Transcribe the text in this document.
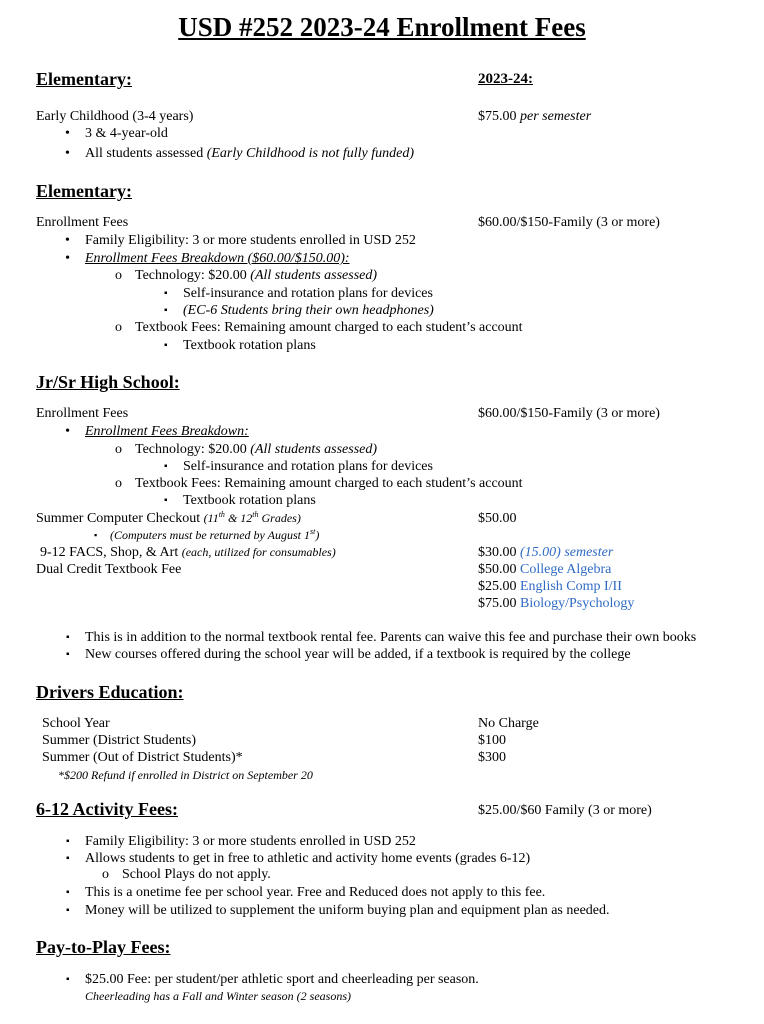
USD #252 2023-24 Enrollment Fees
Elementary:	2023-24:
Early Childhood (3-4 years)	$75.00 per semester
• 3 & 4-year-old
• All students assessed (Early Childhood is not fully funded)
Elementary:
Enrollment Fees	$60.00/$150-Family (3 or more)
• Family Eligibility: 3 or more students enrolled in USD 252
• Enrollment Fees Breakdown ($60.00/$150.00):
o Technology: $20.00 (All students assessed)
▪ Self-insurance and rotation plans for devices
▪ (EC-6 Students bring their own headphones)
o Textbook Fees: Remaining amount charged to each student’s account
▪ Textbook rotation plans
Jr/Sr High School:
Enrollment Fees	$60.00/$150-Family (3 or more)
• Enrollment Fees Breakdown:
o Technology: $20.00 (All students assessed)
▪ Self-insurance and rotation plans for devices
o Textbook Fees: Remaining amount charged to each student’s account
▪ Textbook rotation plans
Summer Computer Checkout (11th & 12th Grades)	$50.00
▪ (Computers must be returned by August 1st)
9-12 FACS, Shop, & Art (each, utilized for consumables)	$30.00 (15.00) semester
Dual Credit Textbook Fee	$50.00 College Algebra
$25.00 English Comp I/II
$75.00 Biology/Psychology
▪ This is in addition to the normal textbook rental fee. Parents can waive this fee and purchase their own books
▪ New courses offered during the school year will be added, if a textbook is required by the college
Drivers Education:
School Year	No Charge
Summer (District Students)	$100
Summer (Out of District Students)*	$300
*$200 Refund if enrolled in District on September 20
6-12 Activity Fees:	$25.00/$60 Family (3 or more)
▪ Family Eligibility: 3 or more students enrolled in USD 252
▪ Allows students to get in free to athletic and activity home events (grades 6-12)
o School Plays do not apply.
▪ This is a onetime fee per school year. Free and Reduced does not apply to this fee.
▪ Money will be utilized to supplement the uniform buying plan and equipment plan as needed.
Pay-to-Play Fees:
▪ $25.00 Fee: per student/per athletic sport and cheerleading per season.
Cheerleading has a Fall and Winter season (2 seasons)
